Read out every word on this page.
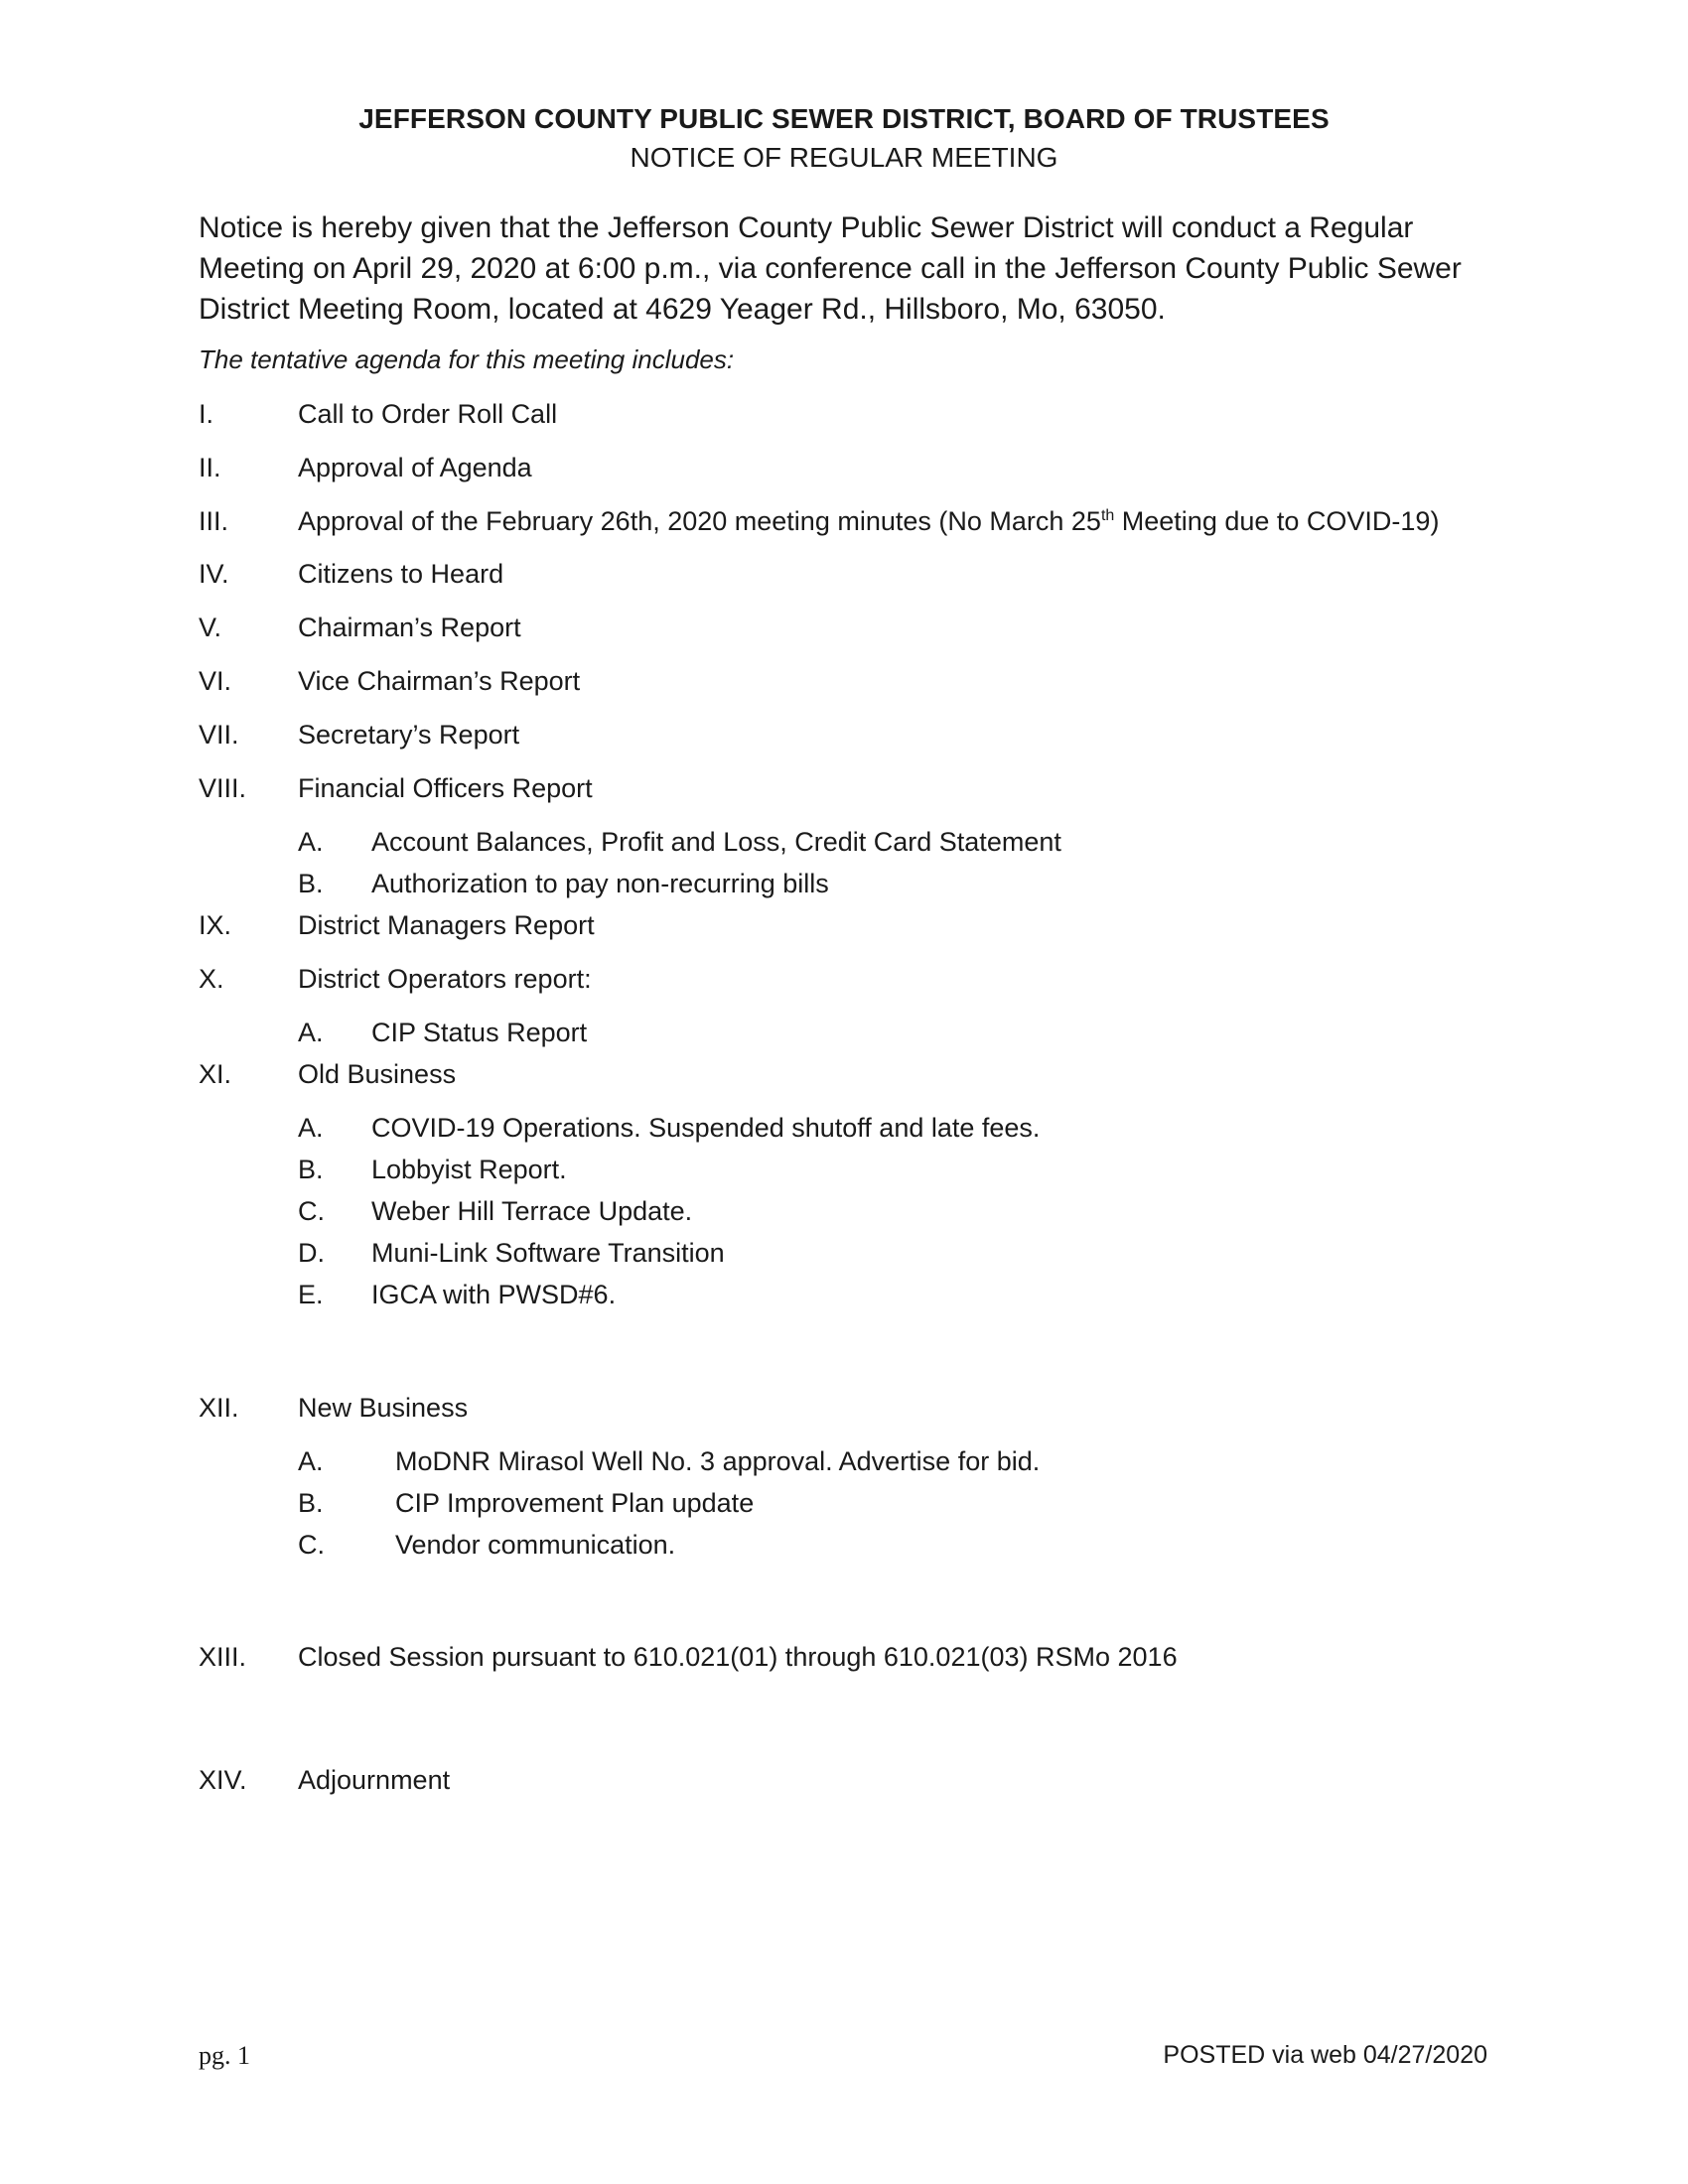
JEFFERSON COUNTY PUBLIC SEWER DISTRICT, BOARD OF TRUSTEES
NOTICE OF REGULAR MEETING
Notice is hereby given that the Jefferson County Public Sewer District will conduct a Regular
Meeting on April 29, 2020 at 6:00 p.m., via conference call in the Jefferson County Public Sewer
District Meeting Room, located at 4629 Yeager Rd., Hillsboro, Mo, 63050.
The tentative agenda for this meeting includes:
I.	Call to Order Roll Call
II.	Approval of Agenda
III.	Approval of the February 26th, 2020 meeting minutes (No March 25th Meeting due to COVID-19)
IV.	Citizens to Heard
V.	Chairman’s Report
VI. Vice Chairman’s Report
VII. Secretary’s Report
VIII. Financial Officers Report
A. Account Balances, Profit and Loss, Credit Card Statement
B. Authorization to pay non-recurring bills
IX. District Managers Report
X.	District Operators report:
A. CIP Status Report
XI. Old Business
A. COVID-19 Operations. Suspended shutoff and late fees.
B. Lobbyist Report.
C. Weber Hill Terrace Update.
D. Muni-Link Software Transition
E. IGCA with PWSD#6.
XII. New Business
A.	MoDNR Mirasol Well No. 3 approval. Advertise for bid.
B.	CIP Improvement Plan update
C.	Vendor communication.
XIII. Closed Session pursuant to 610.021(01) through 610.021(03) RSMo 2016
XIV. Adjournment
pg. 1	POSTED via web 04/27/2020
